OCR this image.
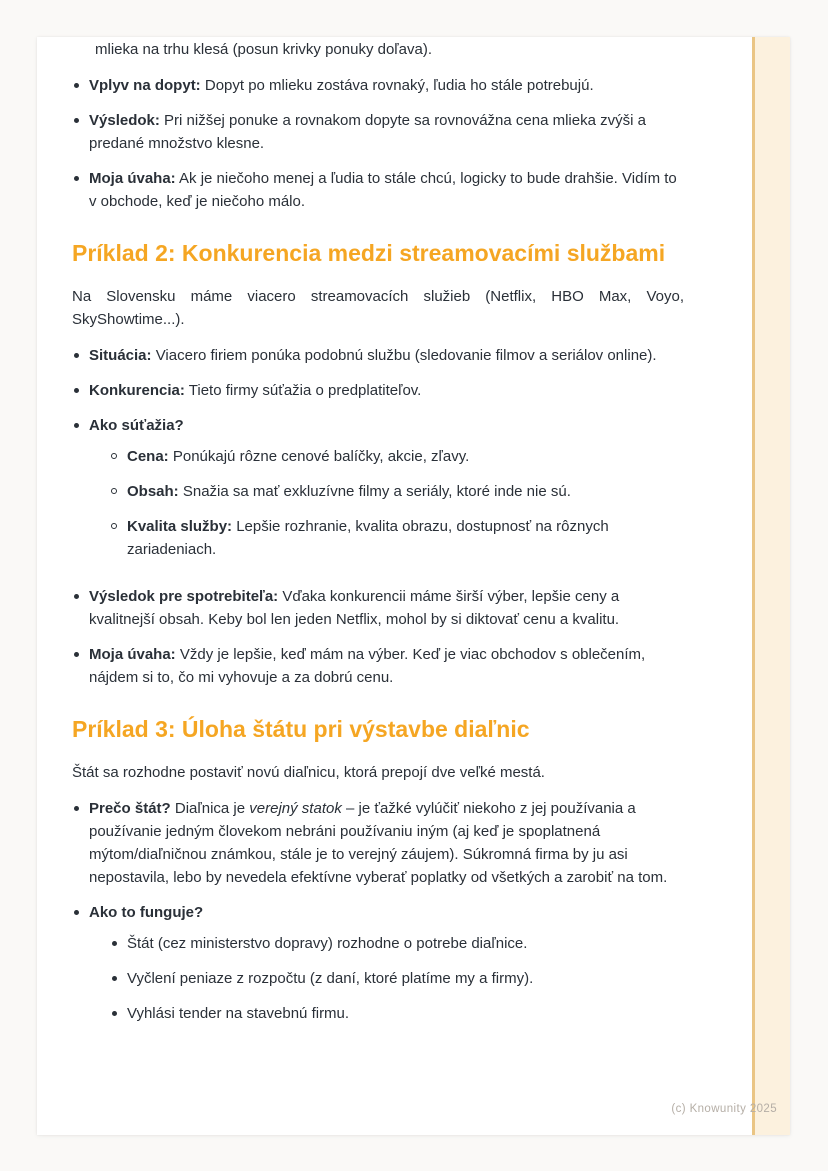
mlieka na trhu klesá (posun krivky ponuky doľava).

Vplyv na dopyt: Dopyt po mlieku zostáva rovnaký, ľudia ho stále potrebujú.
Výsledok: Pri nižšej ponuke a rovnakom dopyte sa rovnovážna cena mlieka zvýši a predané množstvo klesne.
Moja úvaha: Ak je niečoho menej a ľudia to stále chcú, logicky to bude drahšie. Vidím to v obchode, keď je niečoho málo.
Príklad 2: Konkurencia medzi streamovacími službami

Na Slovensku máme viacero streamovacích služieb (Netflix, HBO Max, Voyo, SkyShowtime...).

Situácia: Viacero firiem ponúka podobnú službu (sledovanie filmov a seriálov online).
Konkurencia: Tieto firmy súťažia o predplatiteľov.
Ako súťažia?
Cena: Ponúkajú rôzne cenové balíčky, akcie, zľavy.
Obsah: Snažia sa mať exkluzívne filmy a seriály, ktoré inde nie sú.
Kvalita služby: Lepšie rozhranie, kvalita obrazu, dostupnosť na rôznych zariadeniach.
Výsledok pre spotrebiteľa: Vďaka konkurencii máme širší výber, lepšie ceny a kvalitnejší obsah. Keby bol len jeden Netflix, mohol by si diktovať cenu a kvalitu.
Moja úvaha: Vždy je lepšie, keď mám na výber. Keď je viac obchodov s oblečením, nájdem si to, čo mi vyhovuje a za dobrú cenu.
Príklad 3: Úloha štátu pri výstavbe diaľnic

Štát sa rozhodne postaviť novú diaľnicu, ktorá prepojí dve veľké mestá.

Prečo štát? Diaľnica je verejný statok – je ťažké vylúčiť niekoho z jej používania a používanie jedným človekom nebráni používaniu iným (aj keď je spoplatnená mýtom/diaľničnou známkou, stále je to verejný záujem). Súkromná firma by ju asi nepostavila, lebo by nevedela efektívne vyberať poplatky od všetkých a zarobiť na tom.
Ako to funguje?
Štát (cez ministerstvo dopravy) rozhodne o potrebe diaľnice.
Vyčlení peniaze z rozpočtu (z daní, ktoré platíme my a firmy).
Vyhlási tender na stavebnú firmu.
(c) Knowunity 2025
